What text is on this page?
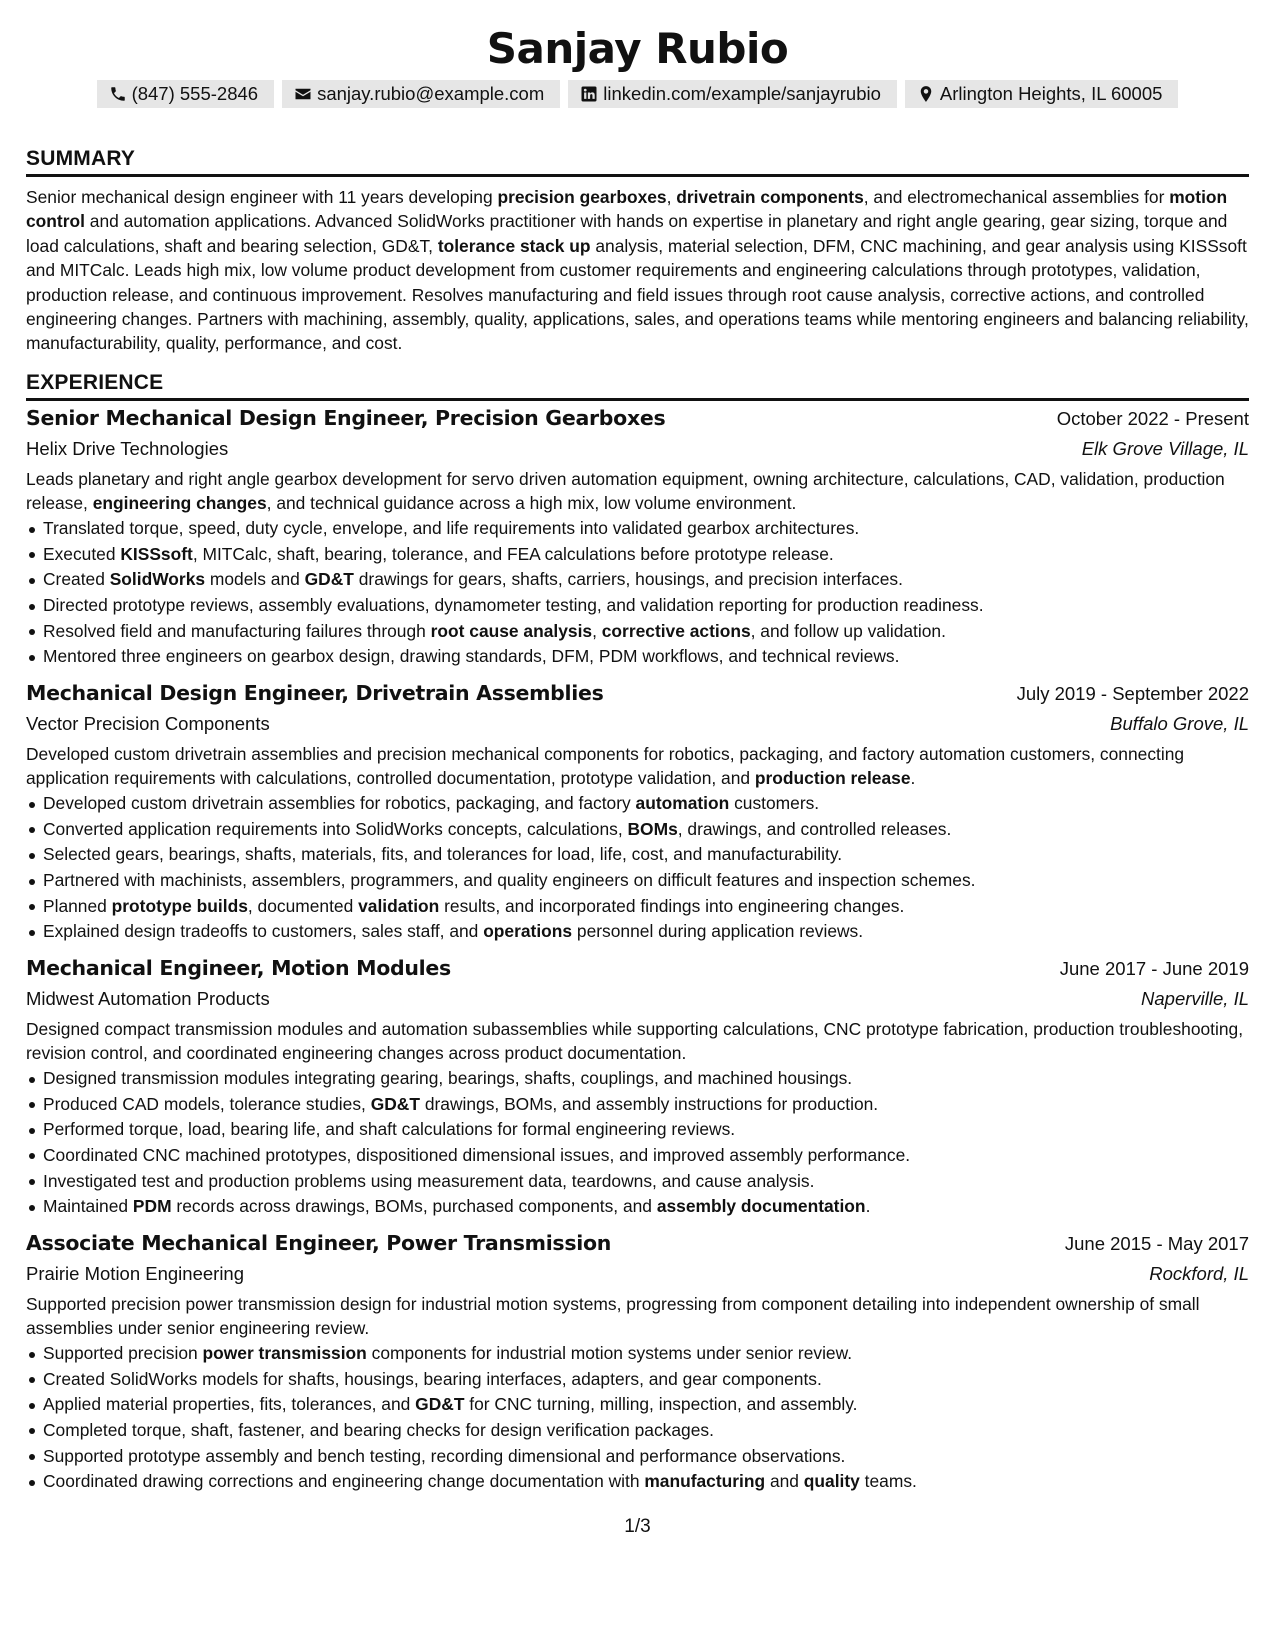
Sanjay Rubio
(847) 555-2846	sanjay.rubio@example.com	linkedin.com/example/sanjayrubio	Arlington Heights, IL 60005
SUMMARY

Senior mechanical design engineer with 11 years developing precision gearboxes, drivetrain components, and electromechanical assemblies for motion control and automation applications. Advanced SolidWorks practitioner with hands on expertise in planetary and right angle gearing, gear sizing, torque and load calculations, shaft and bearing selection, GD&T, tolerance stack up analysis, material selection, DFM, CNC machining, and gear analysis using KISSsoft and MITCalc. Leads high mix, low volume product development from customer requirements and engineering calculations through prototypes, validation, production release, and continuous improvement. Resolves manufacturing and field issues through root cause analysis, corrective actions, and controlled engineering changes. Partners with machining, assembly, quality, applications, sales, and operations teams while mentoring engineers and balancing reliability, manufacturability, quality, performance, and cost.

EXPERIENCE
Senior Mechanical Design Engineer, Precision Gearboxes	October 2022 - Present
Helix Drive Technologies	Elk Grove Village, IL

Leads planetary and right angle gearbox development for servo driven automation equipment, owning architecture, calculations, CAD, validation, production release, engineering changes, and technical guidance across a high mix, low volume environment.

Translated torque, speed, duty cycle, envelope, and life requirements into validated gearbox architectures.
Executed KISSsoft, MITCalc, shaft, bearing, tolerance, and FEA calculations before prototype release.
Created SolidWorks models and GD&T drawings for gears, shafts, carriers, housings, and precision interfaces.
Directed prototype reviews, assembly evaluations, dynamometer testing, and validation reporting for production readiness.
Resolved field and manufacturing failures through root cause analysis, corrective actions, and follow up validation.
Mentored three engineers on gearbox design, drawing standards, DFM, PDM workflows, and technical reviews.
Mechanical Design Engineer, Drivetrain Assemblies	July 2019 - September 2022
Vector Precision Components	Buffalo Grove, IL

Developed custom drivetrain assemblies and precision mechanical components for robotics, packaging, and factory automation customers, connecting application requirements with calculations, controlled documentation, prototype validation, and production release.

Developed custom drivetrain assemblies for robotics, packaging, and factory automation customers.
Converted application requirements into SolidWorks concepts, calculations, BOMs, drawings, and controlled releases.
Selected gears, bearings, shafts, materials, fits, and tolerances for load, life, cost, and manufacturability.
Partnered with machinists, assemblers, programmers, and quality engineers on difficult features and inspection schemes.
Planned prototype builds, documented validation results, and incorporated findings into engineering changes.
Explained design tradeoffs to customers, sales staff, and operations personnel during application reviews.
Mechanical Engineer, Motion Modules	June 2017 - June 2019
Midwest Automation Products	Naperville, IL

Designed compact transmission modules and automation subassemblies while supporting calculations, CNC prototype fabrication, production troubleshooting, revision control, and coordinated engineering changes across product documentation.

Designed transmission modules integrating gearing, bearings, shafts, couplings, and machined housings.
Produced CAD models, tolerance studies, GD&T drawings, BOMs, and assembly instructions for production.
Performed torque, load, bearing life, and shaft calculations for formal engineering reviews.
Coordinated CNC machined prototypes, dispositioned dimensional issues, and improved assembly performance.
Investigated test and production problems using measurement data, teardowns, and cause analysis.
Maintained PDM records across drawings, BOMs, purchased components, and assembly documentation.
Associate Mechanical Engineer, Power Transmission	June 2015 - May 2017
Prairie Motion Engineering	Rockford, IL

Supported precision power transmission design for industrial motion systems, progressing from component detailing into independent ownership of small assemblies under senior engineering review.

Supported precision power transmission components for industrial motion systems under senior review.
Created SolidWorks models for shafts, housings, bearing interfaces, adapters, and gear components.
Applied material properties, fits, tolerances, and GD&T for CNC turning, milling, inspection, and assembly.
Completed torque, shaft, fastener, and bearing checks for design verification packages.
Supported prototype assembly and bench testing, recording dimensional and performance observations.
Coordinated drawing corrections and engineering change documentation with manufacturing and quality teams.
1/3
